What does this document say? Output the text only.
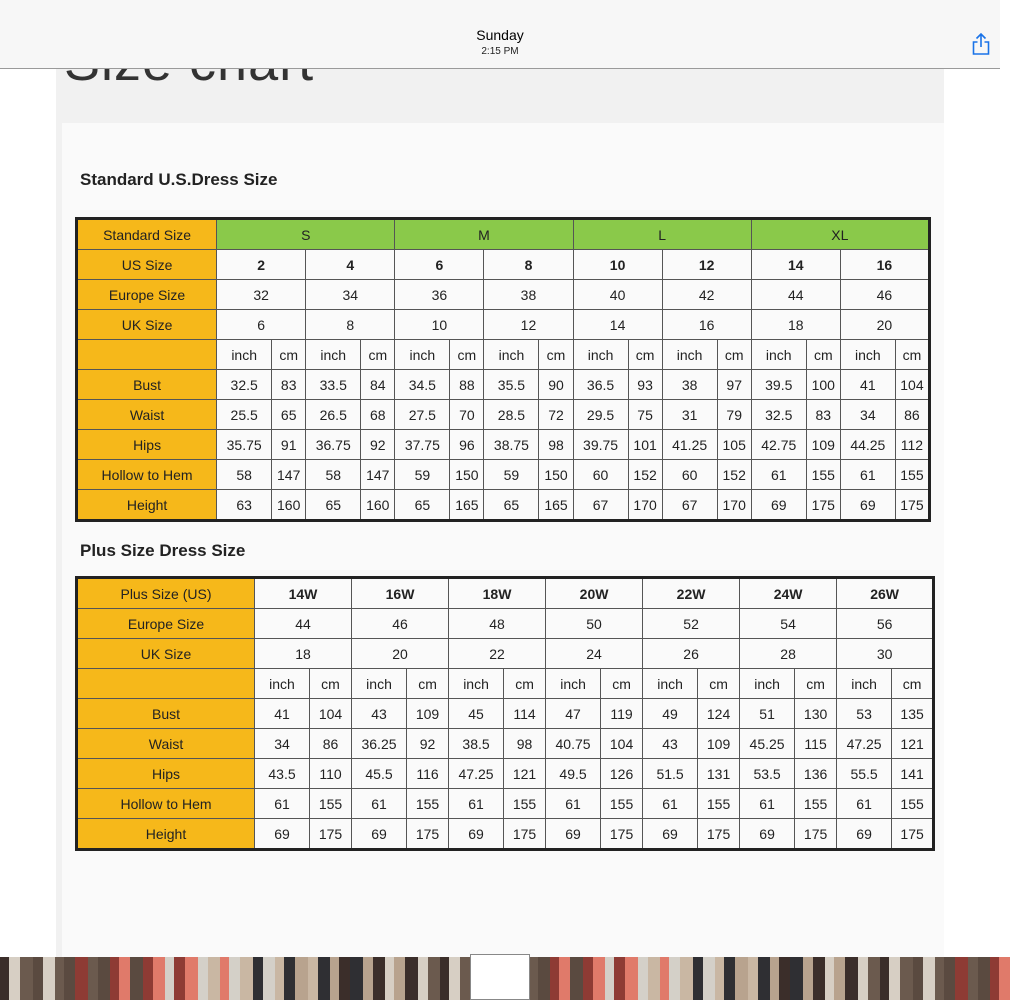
Sunday
2:15 PM
Standard U.S.Dress Size
Standard Size	S				M				L				XL			
US Size	2		4		6		8		10		12		14		16	
Europe Size	32		34		36		38		40		42		44		46	
UK Size	6		8		10		12		14		16		18		20	
	inch	cm	inch	cm	inch	cm	inch	cm	inch	cm	inch	cm	inch	cm	inch	cm
Bust	32.5	83	33.5	84	34.5	88	35.5	90	36.5	93	38	97	39.5	100	41	104
Waist	25.5	65	26.5	68	27.5	70	28.5	72	29.5	75	31	79	32.5	83	34	86
Hips	35.75	91	36.75	92	37.75	96	38.75	98	39.75	101	41.25	105	42.75	109	44.25	112
Hollow to Hem	58	147	58	147	59	150	59	150	60	152	60	152	61	155	61	155
Height	63	160	65	160	65	165	65	165	67	170	67	170	69	175	69	175
Plus Size Dress Size
Plus Size (US)	14W		16W		18W		20W		22W		24W		26W	
Europe Size	44		46		48		50		52		54		56	
UK Size	18		20		22		24		26		28		30	
	inch	cm	inch	cm	inch	cm	inch	cm	inch	cm	inch	cm	inch	cm
Bust	41	104	43	109	45	114	47	119	49	124	51	130	53	135
Waist	34	86	36.25	92	38.5	98	40.75	104	43	109	45.25	115	47.25	121
Hips	43.5	110	45.5	116	47.25	121	49.5	126	51.5	131	53.5	136	55.5	141
Hollow to Hem	61	155	61	155	61	155	61	155	61	155	61	155	61	155
Height	69	175	69	175	69	175	69	175	69	175	69	175	69	175
